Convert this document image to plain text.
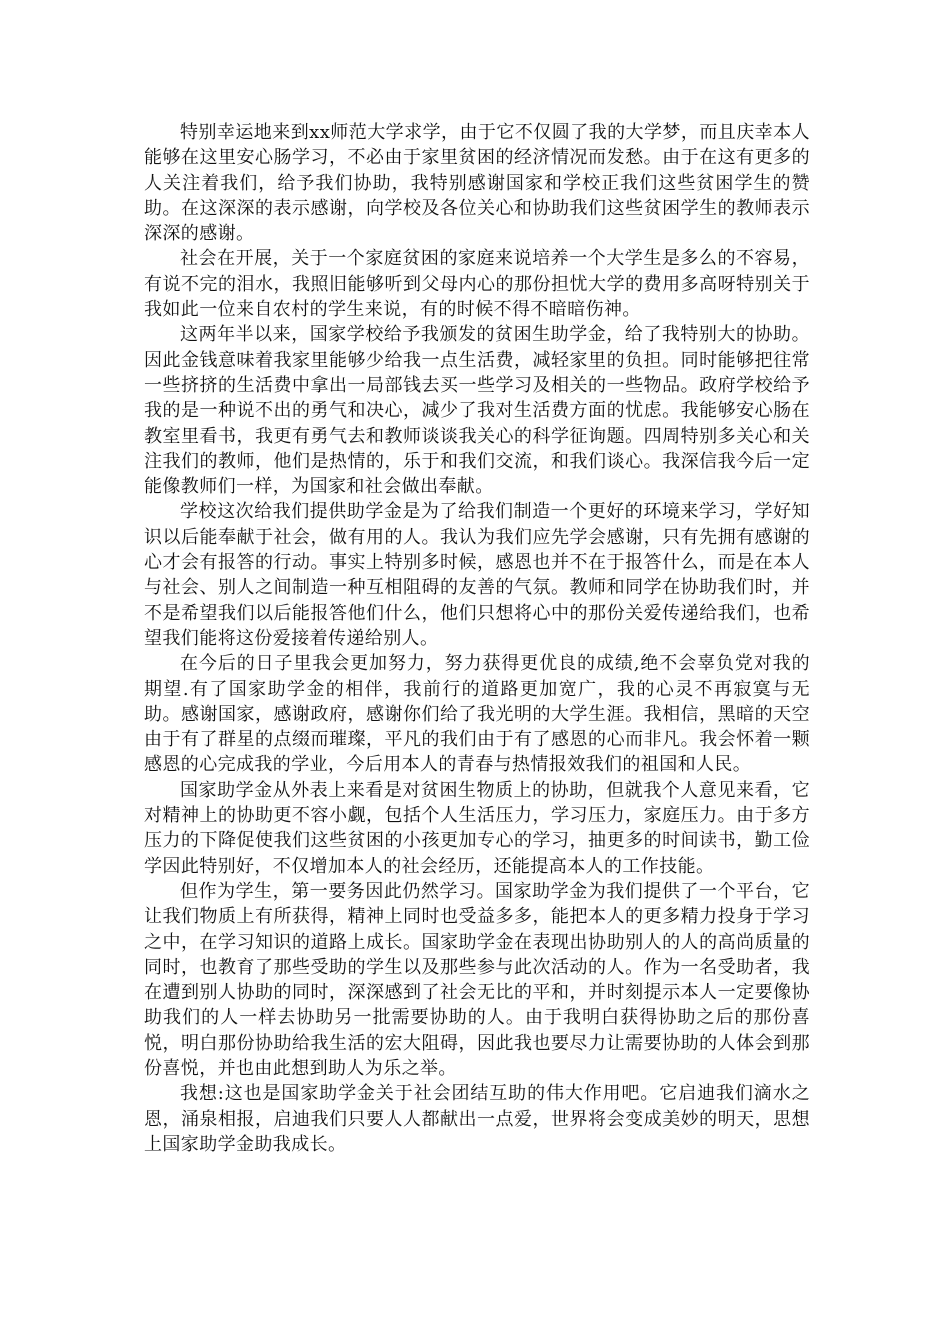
特别幸运地来到xx师范大学求学，由于它不仅圆了我的大学梦，而且庆幸本人能够在这里安心肠学习，不必由于家里贫困的经济情况而发愁。由于在这有更多的人关注着我们，给予我们协助，我特别感谢国家和学校正我们这些贫困学生的赞助。在这深深的表示感谢，向学校及各位关心和协助我们这些贫困学生的教师表示深深的感谢。

社会在开展，关于一个家庭贫困的家庭来说培养一个大学生是多么的不容易，有说不完的泪水，我照旧能够听到父母内心的那份担忧大学的费用多高呀特别关于我如此一位来自农村的学生来说，有的时候不得不暗暗伤神。

这两年半以来，国家学校给予我颁发的贫困生助学金，给了我特别大的协助。因此金钱意味着我家里能够少给我一点生活费，减轻家里的负担。同时能够把往常一些挤挤的生活费中拿出一局部钱去买一些学习及相关的一些物品。政府学校给予我的是一种说不出的勇气和决心，减少了我对生活费方面的忧虑。我能够安心肠在教室里看书，我更有勇气去和教师谈谈我关心的科学征询题。四周特别多关心和关注我们的教师，他们是热情的，乐于和我们交流，和我们谈心。我深信我今后一定能像教师们一样，为国家和社会做出奉献。

学校这次给我们提供助学金是为了给我们制造一个更好的环境来学习，学好知识以后能奉献于社会，做有用的人。我认为我们应先学会感谢，只有先拥有感谢的心才会有报答的行动。事实上特别多时候，感恩也并不在于报答什么，而是在本人与社会、别人之间制造一种互相阻碍的友善的气氛。教师和同学在协助我们时，并不是希望我们以后能报答他们什么，他们只想将心中的那份关爱传递给我们，也希望我们能将这份爱接着传递给别人。

在今后的日子里我会更加努力，努力获得更优良的成绩,绝不会辜负党对我的期望.有了国家助学金的相伴，我前行的道路更加宽广，我的心灵不再寂寞与无助。感谢国家，感谢政府，感谢你们给了我光明的大学生涯。我相信，黑暗的天空由于有了群星的点缀而璀璨，平凡的我们由于有了感恩的心而非凡。我会怀着一颗感恩的心完成我的学业，今后用本人的青春与热情报效我们的祖国和人民。

国家助学金从外表上来看是对贫困生物质上的协助，但就我个人意见来看，它对精神上的协助更不容小觑，包括个人生活压力，学习压力，家庭压力。由于多方压力的下降促使我们这些贫困的小孩更加专心的学习，抽更多的时间读书，勤工俭学因此特别好，不仅增加本人的社会经历，还能提高本人的工作技能。

但作为学生，第一要务因此仍然学习。国家助学金为我们提供了一个平台，它让我们物质上有所获得，精神上同时也受益多多，能把本人的更多精力投身于学习之中，在学习知识的道路上成长。国家助学金在表现出协助别人的人的高尚质量的同时，也教育了那些受助的学生以及那些参与此次活动的人。作为一名受助者，我在遭到别人协助的同时，深深感到了社会无比的平和，并时刻提示本人一定要像协助我们的人一样去协助另一批需要协助的人。由于我明白获得协助之后的那份喜悦，明白那份协助给我生活的宏大阻碍，因此我也要尽力让需要协助的人体会到那份喜悦，并也由此想到助人为乐之举。

我想:这也是国家助学金关于社会团结互助的伟大作用吧。它启迪我们滴水之恩，涌泉相报，启迪我们只要人人都献出一点爱，世界将会变成美妙的明天，思想上国家助学金助我成长。
